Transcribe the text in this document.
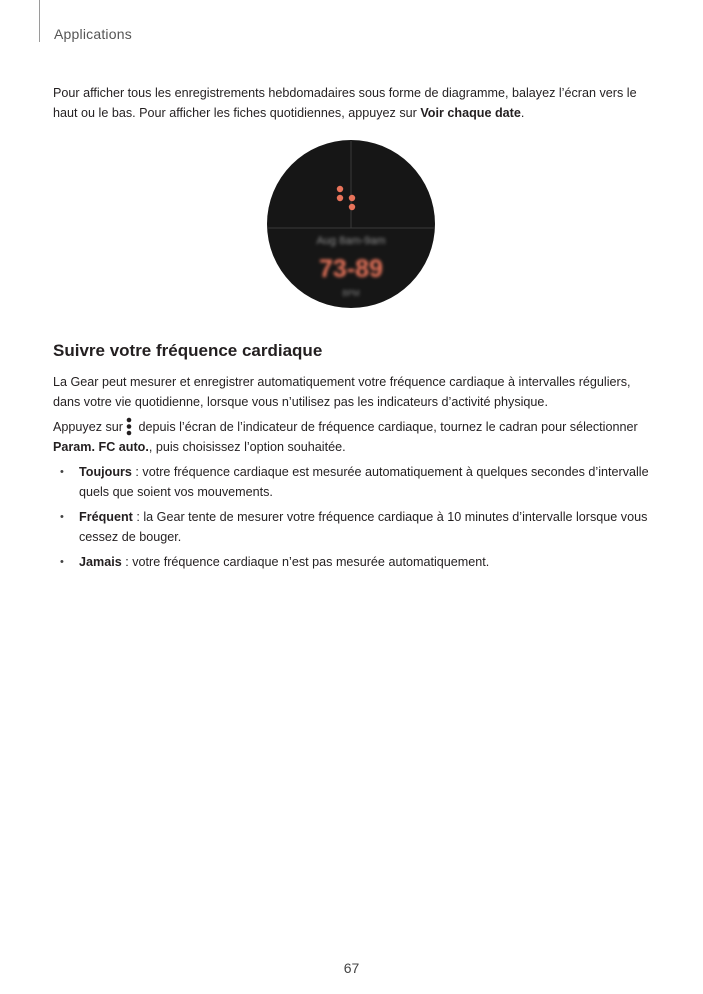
Applications

Pour afficher tous les enregistrements hebdomadaires sous forme de diagramme, balayez l’écran vers le haut ou le bas. Pour afficher les fiches quotidiennes, appuyez sur Voir chaque date.

Aug 8am-9am
73-89
BPM
Suivre votre fréquence cardiaque

La Gear peut mesurer et enregistrer automatiquement votre fréquence cardiaque à intervalles réguliers, dans votre vie quotidienne, lorsque vous n’utilisez pas les indicateurs d’activité physique.

Appuyez sur depuis l’écran de l’indicateur de fréquence cardiaque, tournez le cadran pour sélectionner Param. FC auto., puis choisissez l’option souhaitée.

• Toujours : votre fréquence cardiaque est mesurée automatiquement à quelques secondes d’intervalle quels que soient vos mouvements.
• Fréquent : la Gear tente de mesurer votre fréquence cardiaque à 10 minutes d’intervalle lorsque vous cessez de bouger.
• Jamais : votre fréquence cardiaque n’est pas mesurée automatiquement.
67
